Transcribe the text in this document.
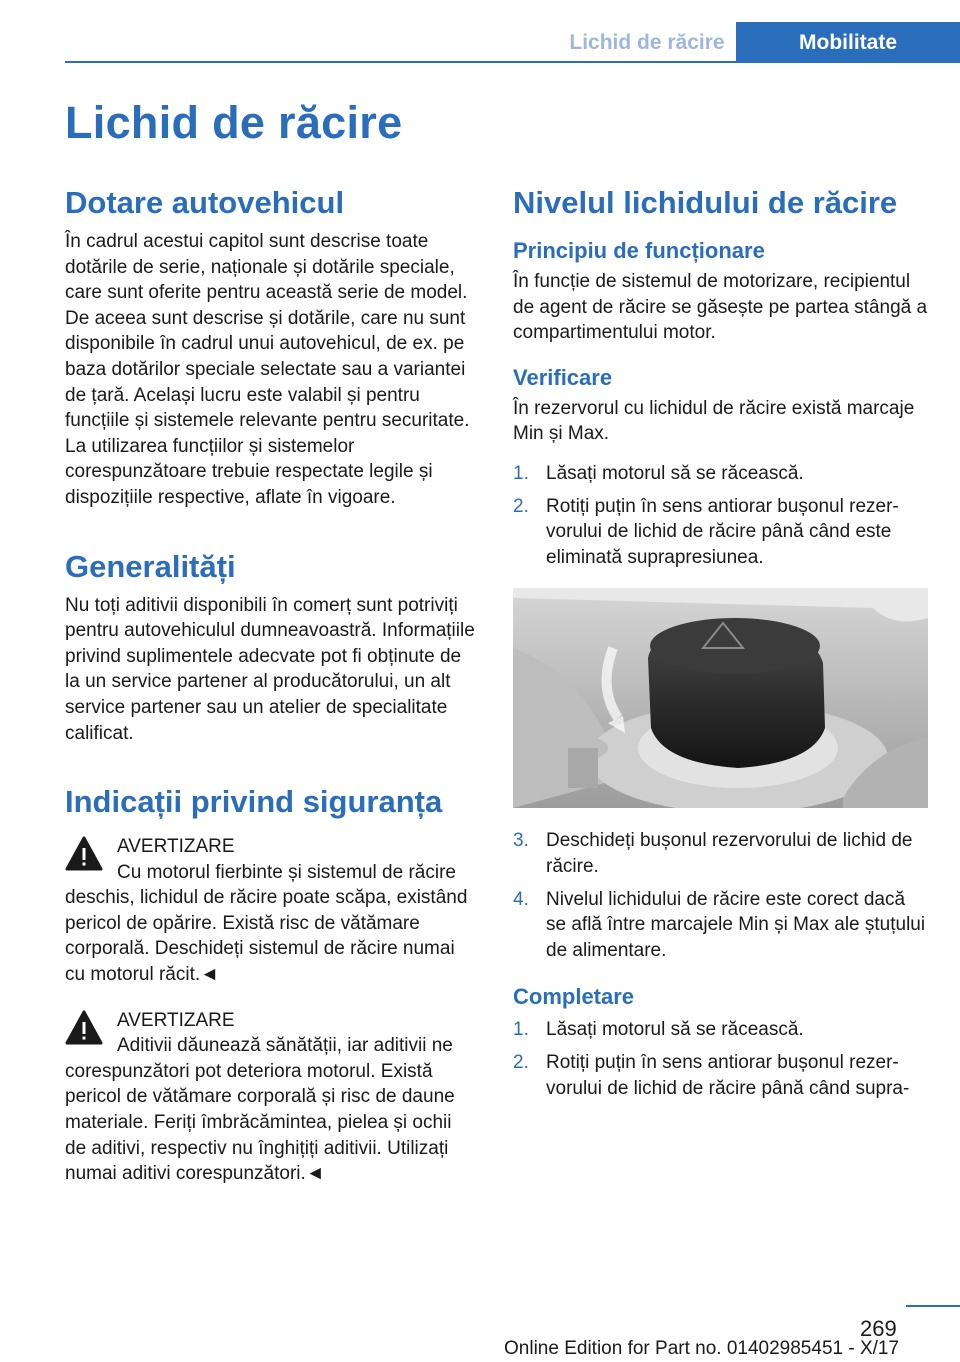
Lichid de răcire	Mobilitate
Lichid de răcire
Dotare autovehicul

În cadrul acestui capitol sunt descrise toate dotările de serie, naționale și dotările speciale, care sunt oferite pentru această serie de model. De aceea sunt descrise și dotările, care nu sunt disponibile în cadrul unui autovehicul, de ex. pe baza dotărilor speciale selectate sau a variantei de țară. Același lucru este valabil și pentru funcțiile și sistemele relevante pentru securitate. La utilizarea funcțiilor și sistemelor corespunzătoare trebuie respectate legile și dispozițiile respective, aflate în vigoare.

Generalități

Nu toți aditivii disponibili în comerț sunt potriviți pentru autovehiculul dumneavoastră. Informațiile privind suplimentele adecvate pot fi obținute de la un service partener al producătorului, un alt service partener sau un atelier de specialitate calificat.

Indicații privind siguranța
AVERTIZARE
Cu motorul fierbinte și sistemul de răcire

deschis, lichidul de răcire poate scăpa, existând pericol de opărire. Există risc de vătămare corporală. Deschideți sistemul de răcire numai cu motorul răcit.◄

AVERTIZARE
Aditivii dăunează sănătății, iar aditivii ne

corespunzători pot deteriora motorul. Există pericol de vătămare corporală și risc de daune materiale. Feriți îmbrăcămintea, pielea și ochii de aditivi, respectiv nu înghițiți aditivii. Utilizați numai aditivi corespunzători.◄

Nivelul lichidului de răcire
Principiu de funcționare

În funcție de sistemul de motorizare, recipientul de agent de răcire se găsește pe partea stângă a compartimentului motor.

Verificare

În rezervorul cu lichidul de răcire există marcaje Min și Max.

1. Lăsați motorul să se răcească.
2. Rotiți puțin în sens antiorar bușonul rezervorului de lichid de răcire până când este eliminată suprapresiunea.
3. Deschideți bușonul rezervorului de lichid de răcire.
4. Nivelul lichidului de răcire este corect dacă se află între marcajele Min și Max ale ștuțului de alimentare.
Completare
1. Lăsați motorul să se răcească.
2. Rotiți puțin în sens antiorar bușonul rezervorului de lichid de răcire până când supra‐
269
Online Edition for Part no. 01402985451 - X/17
